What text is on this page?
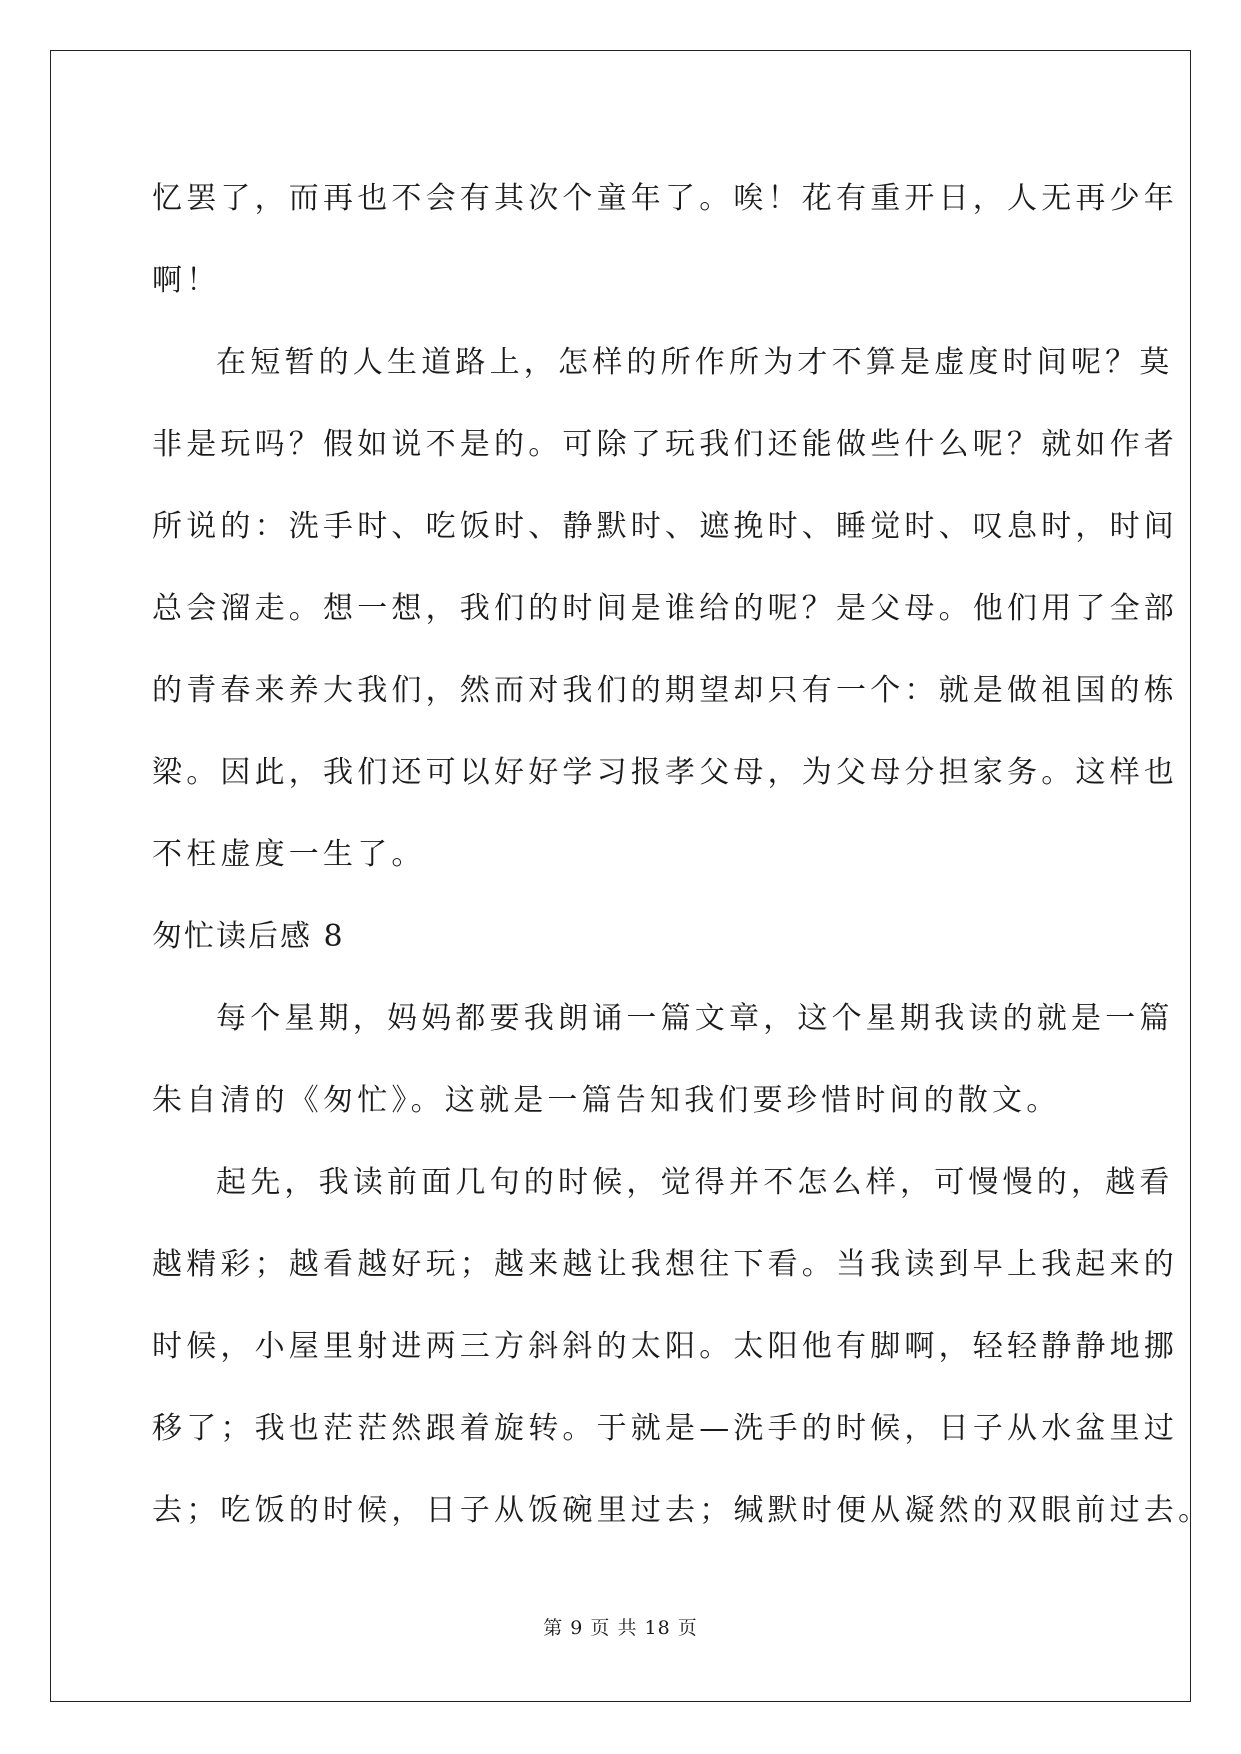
忆罢了，而再也不会有其次个童年了。唉！花有重开日，人无再少年
啊！
在短暂的人生道路上，怎样的所作所为才不算是虚度时间呢？莫
非是玩吗？假如说不是的。可除了玩我们还能做些什么呢？就如作者
所说的：洗手时、吃饭时、静默时、遮挽时、睡觉时、叹息时，时间
总会溜走。想一想，我们的时间是谁给的呢？是父母。他们用了全部
的青春来养大我们，然而对我们的期望却只有一个：就是做祖国的栋
梁。因此，我们还可以好好学习报孝父母，为父母分担家务。这样也
不枉虚度一生了。
匆忙读后感 8
每个星期，妈妈都要我朗诵一篇文章，这个星期我读的就是一篇
朱自清的《匆忙》。这就是一篇告知我们要珍惜时间的散文。
起先，我读前面几句的时候，觉得并不怎么样，可慢慢的，越看
越精彩；越看越好玩；越来越让我想往下看。当我读到早上我起来的
时候，小屋里射进两三方斜斜的太阳。太阳他有脚啊，轻轻静静地挪
移了；我也茫茫然跟着旋转。于就是—洗手的时候，日子从水盆里过
去；吃饭的时候，日子从饭碗里过去；缄默时便从凝然的双眼前过去。
第 9 页 共 18 页
